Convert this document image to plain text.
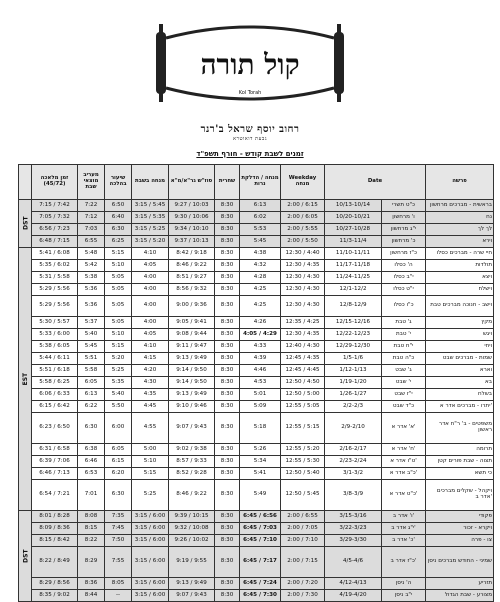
קול תורה
Kol Torah
רחוב יוסף שראל ב'רנר
גבעת דואוטרא
זמנים לשבת קודש - חורף תשפ"ד
	זמן מלאכה (45/72)	מעריב מוצאי שבת	שיעור בהלכה	מנחה בשבת	סוז"ש גר"א/מ"א	שחרית	מנחה / הדלקת נרות	Weekday מנחה	Date		פרשה
DST	7:15 / 7:42	7:22	6:50	3:15 / 5:45	9:27 / 10:03	8:30	6:13	2:00 / 6:15	10/13-10/14	כ"ט תשרי	בראשית - מברכים מרחשון
	7:05 / 7:32	7:12	6:40	3:15 / 5:35	9:30 / 10:06	8:30	6:02	2:00 / 6:05	10/20-10/21	ו' מרחשון	נח
	6:56 / 7:23	7:03	6:30	3:15 / 5:25	9:34 / 10:10	8:30	5:53	2:00 / 5:55	10/27-10/28	י"ג מרחשון	לך לך
	6:48 / 7:15	6:55	6:25	3:15 / 5:20	9:37 / 10:13	8:30	5:45	2:00 / 5:50	11/3-11/4	כ' מרחשון	וירא
EST	5:41 / 6:08	5:48	5:15	4:10	8:42 / 9:18	8:30	4:38	12:30 / 4:40	11/10-11/11	כ"ז מרחשון	חיי שרה - מברכים כסלו
	5:35 / 6:02	5:42	5:10	4:05	8:46 / 9:22	8:30	4:32	12:30 / 4:35	11/17-11/18	ה' כסלו	תולדות
	5:31 / 5:58	5:38	5:05	4:00	8:51 / 9:27	8:30	4:28	12:30 / 4:30	11/24-11/25	י"ב כסלו	ויצא
	5:29 / 5:56	5:36	5:05	4:00	8:56 / 9:32	8:30	4:25	12:30 / 4:30	12/1-12/2	י"ט כסלו	וישלח
	5:29 / 5:56	5:36	5:05	4:00	9:00 / 9:36	8:30	4:25	12:30 / 4:30	12/8-12/9	כ"ו כסלו	וישב - חנוכה מברכים טבת
	5:30 / 5:57	5:37	5:05	4:00	9:05 / 9:41	8:30	4:26	12:35 / 4:25	12/15-12/16	ג' טבת	מקץ
	5:33 / 6:00	5:40	5:10	4:05	9:08 / 9:44	8:30	4:05 / 4:29	12:30 / 4:35	12/22-12/23	י' טבת	ויגש
	5:38 / 6:05	5:45	5:15	4:10	9:11 / 9:47	8:30	4:33	12:40 / 4:30	12/29-12/30	י"ח טבת	ויחי
	5:44 / 6:11	5:51	5:20	4:15	9:13 / 9:49	8:30	4:39	12:45 / 4:35	1/5-1/6	כ"ה טבת	שמות - מברכים שבט
	5:51 / 6:18	5:58	5:25	4:20	9:14 / 9:50	8:30	4:46	12:45 / 4:45	1/12-1/13	ג' שבט	וארא
	5:58 / 6:25	6:05	5:35	4:30	9:14 / 9:50	8:30	4:53	12:50 / 4:50	1/19-1/20	י' שבט	בא
	6:06 / 6:33	6:13	5:40	4:35	9:13 / 9:49	8:30	5:01	12:50 / 5:00	1/26-1/27	י"ז שבט	בשלח
	6:15 / 6:42	6:22	5:50	4:45	9:10 / 9:46	8:30	5:09	12:55 / 5:05	2/2-2/3	כ"ד שבט	יתרו - מברכים אדר א'
	6:23 / 6:50	6:30	6:00	4:55	9:07 / 9:43	8:30	5:18	12:55 / 5:15	2/9-2/10	א' אדר א'	משפטים - ב' ר"ח אדר ראשון
	6:31 / 6:58	6:38	6:05	5:00	9:02 / 9:38	8:30	5:26	12:55 / 5:20	2/16-2/17	ח' אדר א'	תרומה
	6:39 / 7:06	6:46	6:15	5:10	8:57 / 9:33	8:30	5:34	12:55 / 5:30	2/23-2/24	ט"ו אדר א'	תצוה - שבת פורים קטן
	6:46 / 7:13	6:53	6:20	5:15	8:52 / 9:28	8:30	5:41	12:50 / 5:40	3/1-3/2	כ"ב אדר א'	כי תשא
	6:54 / 7:21	7:01	6:30	5:25	8:46 / 9:22	8:30	5:49	12:50 / 5:45	3/8-3/9	כ"ט אדר א'	ויקהל - שקלים מברכים אדר ב'
DST	8:01 / 8:28	8:08	7:35	3:15 / 6:00	9:39 / 10:15	8:30	6:45 / 6:56	2:00 / 6:55	3/15-3/16	ו' אדר ב'	פקודי
	8:09 / 8:36	8:15	7:45	3:15 / 6:00	9:32 / 10:08	8:30	6:45 / 7:03	2:00 / 7:05	3/22-3/23	י"ג אדר ב'	ויקרא - זכור
	8:15 / 8:42	8:22	7:50	3:15 / 6:00	9:26 / 10:02	8:30	6:45 / 7:10	2:00 / 7:10	3/29-3/30	כ' אדר ב'	צו - פרה
	8:22 / 8:49	8:29	7:55	3:15 / 6:00	9:19 / 9:55	8:30	6:45 / 7:17	2:00 / 7:15	4/5-4/6	כ"ז אדר ב'	שמיני - החודש מברכים ניסן
	8:29 / 8:56	8:36	8:05	3:15 / 6:00	9:13 / 9:49	8:30	6:45 / 7:24	2:00 / 7:20	4/12-4/13	ה' ניסן	תזריע
	8:35 / 9:02	8:44	--	3:15 / 6:00	9:07 / 9:43	8:30	6:45 / 7:30	2:00 / 7:30	4/19-4/20	י"ב ניסן	מצורע - שבת הגדול
